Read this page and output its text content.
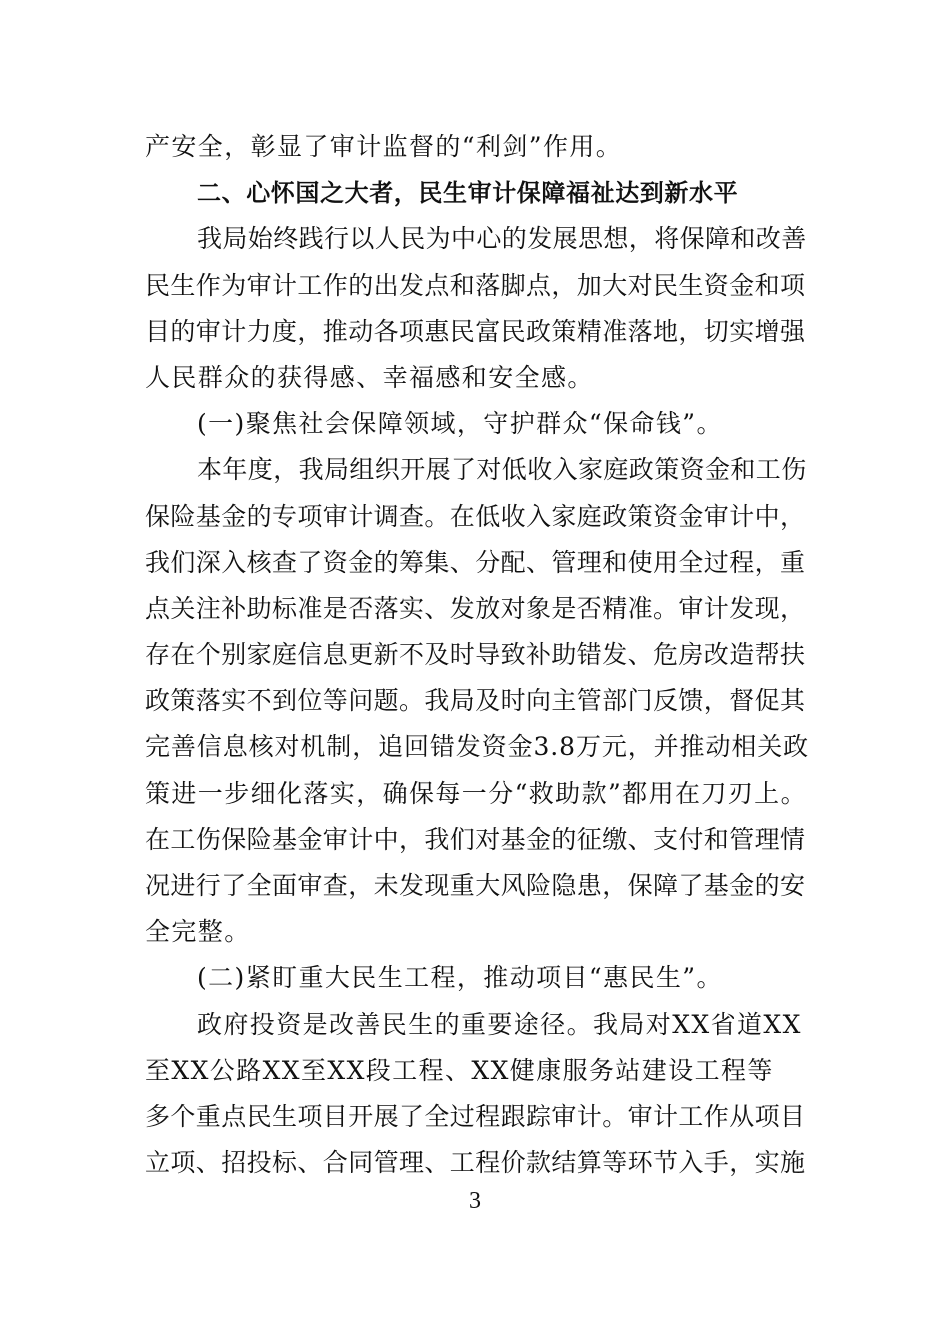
产安全，彰显了审计监督的“利剑”作用。
二、心怀国之大者，民生审计保障福祉达到新水平
我局始终践行以人民为中心的发展思想，将保障和改善
民生作为审计工作的出发点和落脚点，加大对民生资金和项
目的审计力度，推动各项惠民富民政策精准落地，切实增强
人民群众的获得感、幸福感和安全感。
(一)聚焦社会保障领域，守护群众“保命钱”。
本年度，我局组织开展了对低收入家庭政策资金和工伤
保险基金的专项审计调查。在低收入家庭政策资金审计中，
我们深入核查了资金的筹集、分配、管理和使用全过程，重
点关注补助标准是否落实、发放对象是否精准。审计发现，
存在个别家庭信息更新不及时导致补助错发、危房改造帮扶
政策落实不到位等问题。我局及时向主管部门反馈，督促其
完善信息核对机制，追回错发资金3.8万元，并推动相关政
策进一步细化落实，确保每一分“救助款”都用在刀刃上。
在工伤保险基金审计中，我们对基金的征缴、支付和管理情
况进行了全面审查，未发现重大风险隐患，保障了基金的安
全完整。
(二)紧盯重大民生工程，推动项目“惠民生”。
政府投资是改善民生的重要途径。我局对XX省道XX
至XX公路XX至XX段工程、XX健康服务站建设工程等
多个重点民生项目开展了全过程跟踪审计。审计工作从项目
立项、招投标、合同管理、工程价款结算等环节入手，实施
3
